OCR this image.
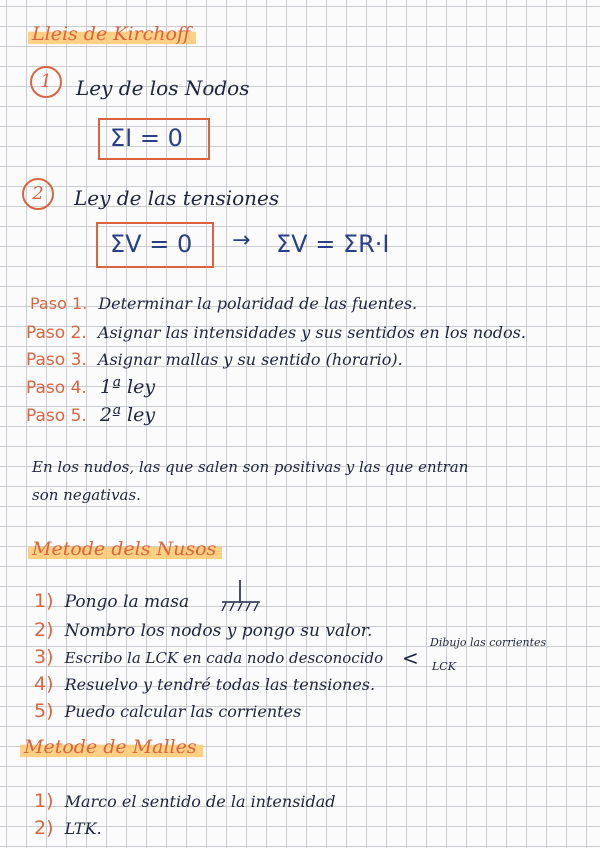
Lleis de Kirchoff
1	Ley de los Nodos
ΣI = 0
2	Ley de las tensiones
ΣV = 0 → ΣV = ΣR·I
Paso 1. Determinar la polaridad de las fuentes.
Paso 2. Asignar las intensidades y sus sentidos en los nodos.
Paso 3. Asignar mallas y su sentido (horario).
Paso 4. 1ª ley
Paso 5. 2ª ley
En los nudos, las que salen son positivas y las que entran
son negativas.
Metode dels Nusos
1) Pongo la masa
2) Nombro los nodos y pongo su valor.
3) Escribo la LCK en cada nodo desconocido <
Dibujo las corrientes
LCK
4) Resuelvo y tendré todas las tensiones.
5) Puedo calcular las corrientes
Metode de Malles
1) Marco el sentido de la intensidad
2) LTK.
